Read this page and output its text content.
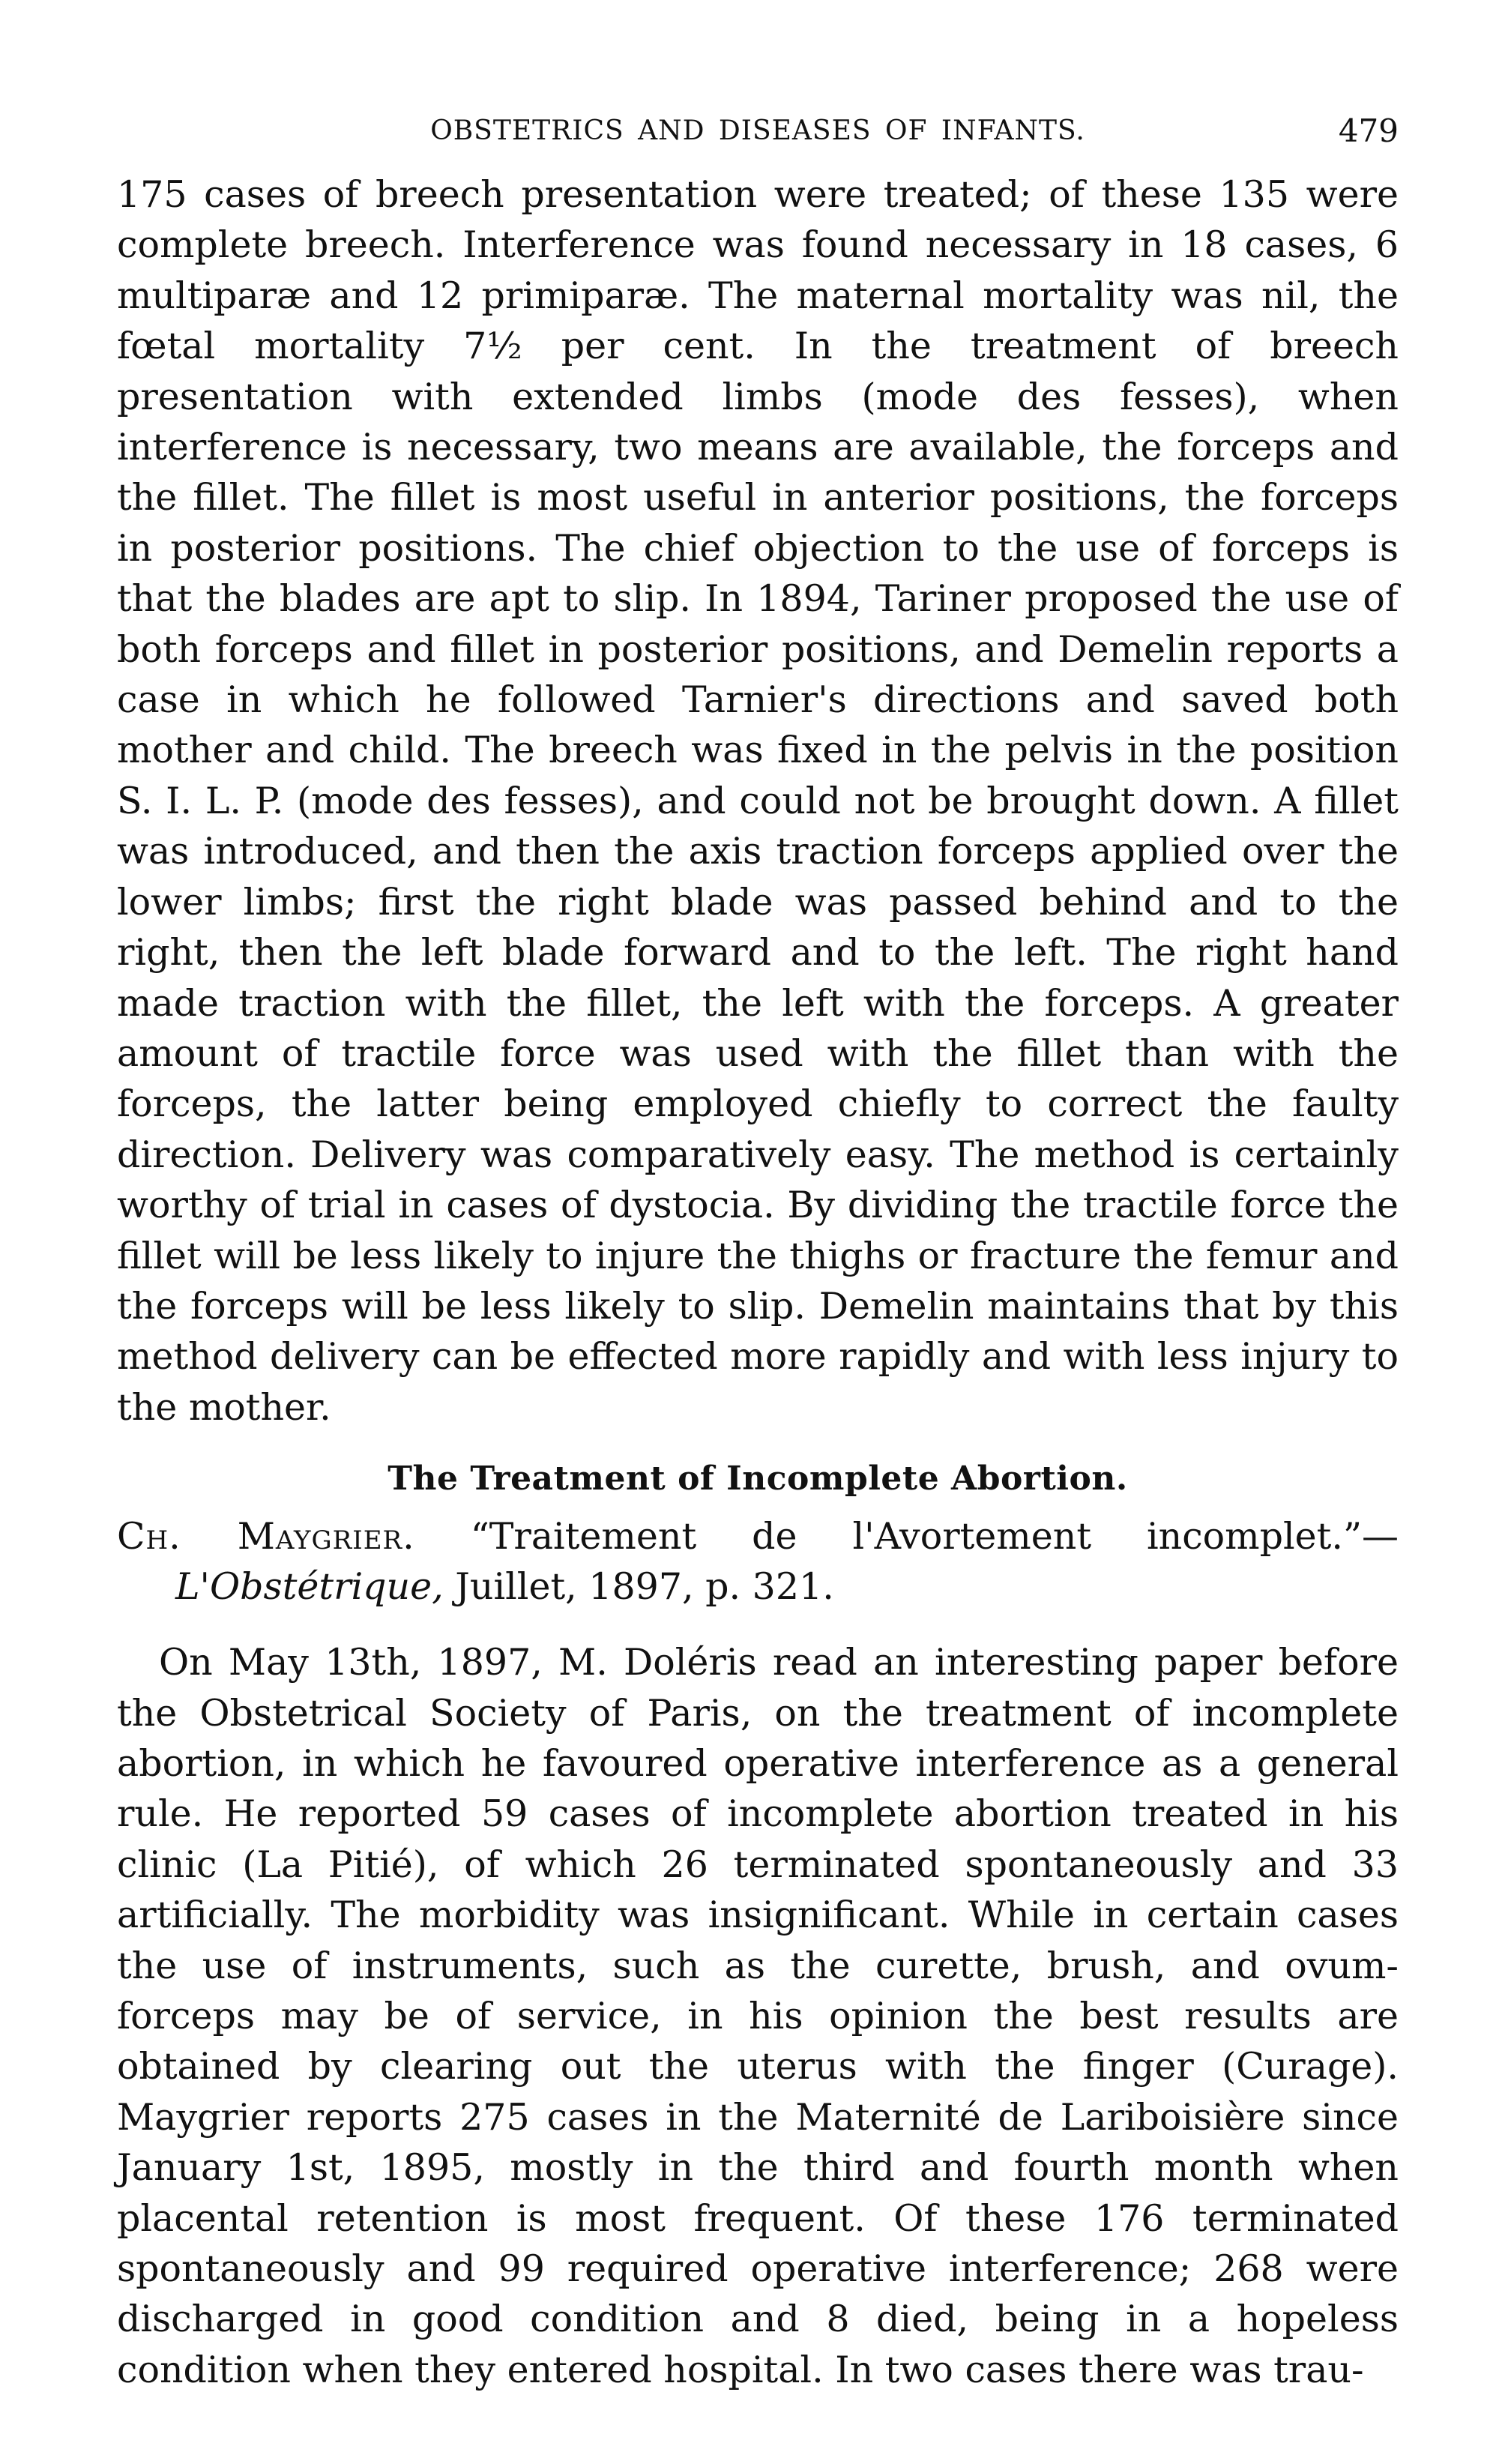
OBSTETRICS AND DISEASES OF INFANTS.	479

175 cases of breech presentation were treated; of these 135 were complete breech. Interference was found necessary in 18 cases, 6 multiparæ and 12 primiparæ. The maternal mortality was nil, the fœtal mortality 7½ per cent. In the treatment of breech presentation with extended limbs (mode des fesses), when interference is necessary, two means are available, the forceps and the fillet. The fillet is most useful in anterior positions, the forceps in posterior positions. The chief objection to the use of forceps is that the blades are apt to slip. In 1894, Tariner proposed the use of both forceps and fillet in posterior positions, and Demelin reports a case in which he followed Tarnier's directions and saved both mother and child. The breech was fixed in the pelvis in the position S. I. L. P. (mode des fesses), and could not be brought down. A fillet was introduced, and then the axis traction forceps applied over the lower limbs; first the right blade was passed behind and to the right, then the left blade forward and to the left. The right hand made traction with the fillet, the left with the forceps. A greater amount of tractile force was used with the fillet than with the forceps, the latter being employed chiefly to correct the faulty direction. Delivery was comparatively easy. The method is certainly worthy of trial in cases of dystocia. By dividing the tractile force the fillet will be less likely to injure the thighs or fracture the femur and the forceps will be less likely to slip. Demelin maintains that by this method delivery can be effected more rapidly and with less injury to the mother.

The Treatment of Incomplete Abortion.

Ch. Maygrier. “Traitement de l'Avortement incomplet.”—L'Obstétrique, Juillet, 1897, p. 321.

On May 13th, 1897, M. Doléris read an interesting paper before the Obstetrical Society of Paris, on the treatment of incomplete abortion, in which he favoured operative interference as a general rule. He reported 59 cases of incomplete abortion treated in his clinic (La Pitié), of which 26 terminated spontaneously and 33 artificially. The morbidity was insignificant. While in certain cases the use of instruments, such as the curette, brush, and ovum-forceps may be of service, in his opinion the best results are obtained by clearing out the uterus with the finger (Curage). Maygrier reports 275 cases in the Maternité de Lariboisière since January 1st, 1895, mostly in the third and fourth month when placental retention is most frequent. Of these 176 terminated spontaneously and 99 required operative interference; 268 were discharged in good condition and 8 died, being in a hopeless condition when they entered hospital. In two cases there was trau-
